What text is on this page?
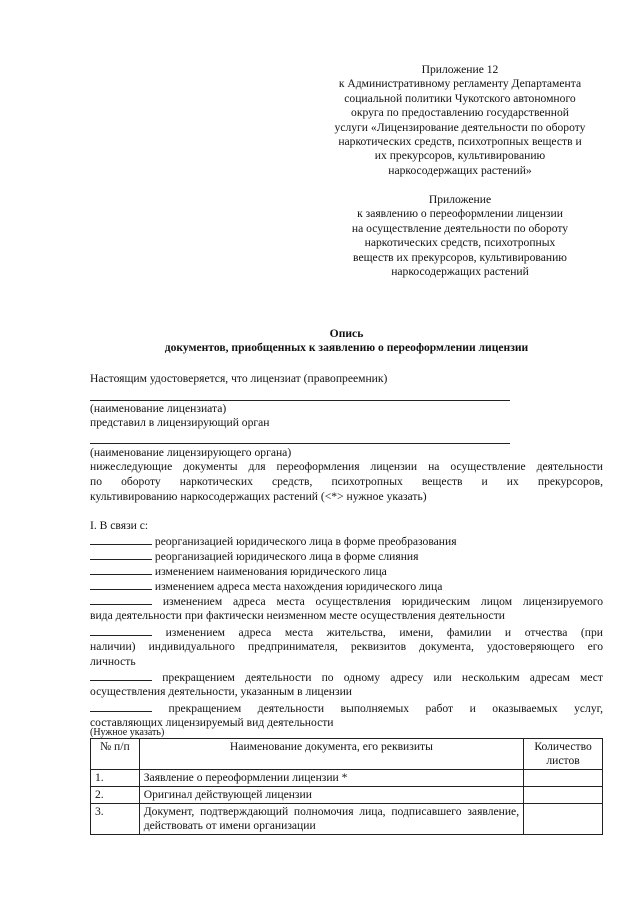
Приложение 12
к Административному регламенту Департамента
социальной политики Чукотского автономного
округа по предоставлению государственной
услуги «Лицензирование деятельности по обороту
наркотических средств, психотропных веществ и
их прекурсоров, культивированию
наркосодержащих растений»
Приложение
к заявлению о переоформлении лицензии
на осуществление деятельности по обороту
наркотических средств, психотропных
веществ их прекурсоров, культивированию
наркосодержащих растений
Опись
документов, приобщенных к заявлению о переоформлении лицензии
Настоящим удостоверяется, что лицензиат (правопреемник)
(наименование лицензиата)
представил в лицензирующий орган
(наименование лицензирующего органа)
нижеследующие документы для переоформления лицензии на осуществление деятельности
по обороту наркотических средств, психотропных веществ и их прекурсоров,
культивированию наркосодержащих растений (<*> нужное указать)
I. В связи с:
реорганизацией юридического лица в форме преобразования
реорганизацией юридического лица в форме слияния
изменением наименования юридического лица
изменением адреса места нахождения юридического лица
изменением адреса места осуществления юридическим лицом лицензируемого
вида деятельности при фактически неизменном месте осуществления деятельности
изменением адреса места жительства, имени, фамилии и отчества (при
наличии) индивидуального предпринимателя, реквизитов документа, удостоверяющего его
личность
прекращением деятельности по одному адресу или нескольким адресам мест
осуществления деятельности, указанным в лицензии
прекращением деятельности выполняемых работ и оказываемых услуг,
составляющих лицензируемый вид деятельности
(Нужное указать)
№ п/п	Наименование документа, его реквизиты	Количество листов
1.	Заявление о переоформлении лицензии *	
2.	Оригинал действующей лицензии	
3.	Документ, подтверждающий полномочия лица, подписавшего заявление, действовать от имени организации	
